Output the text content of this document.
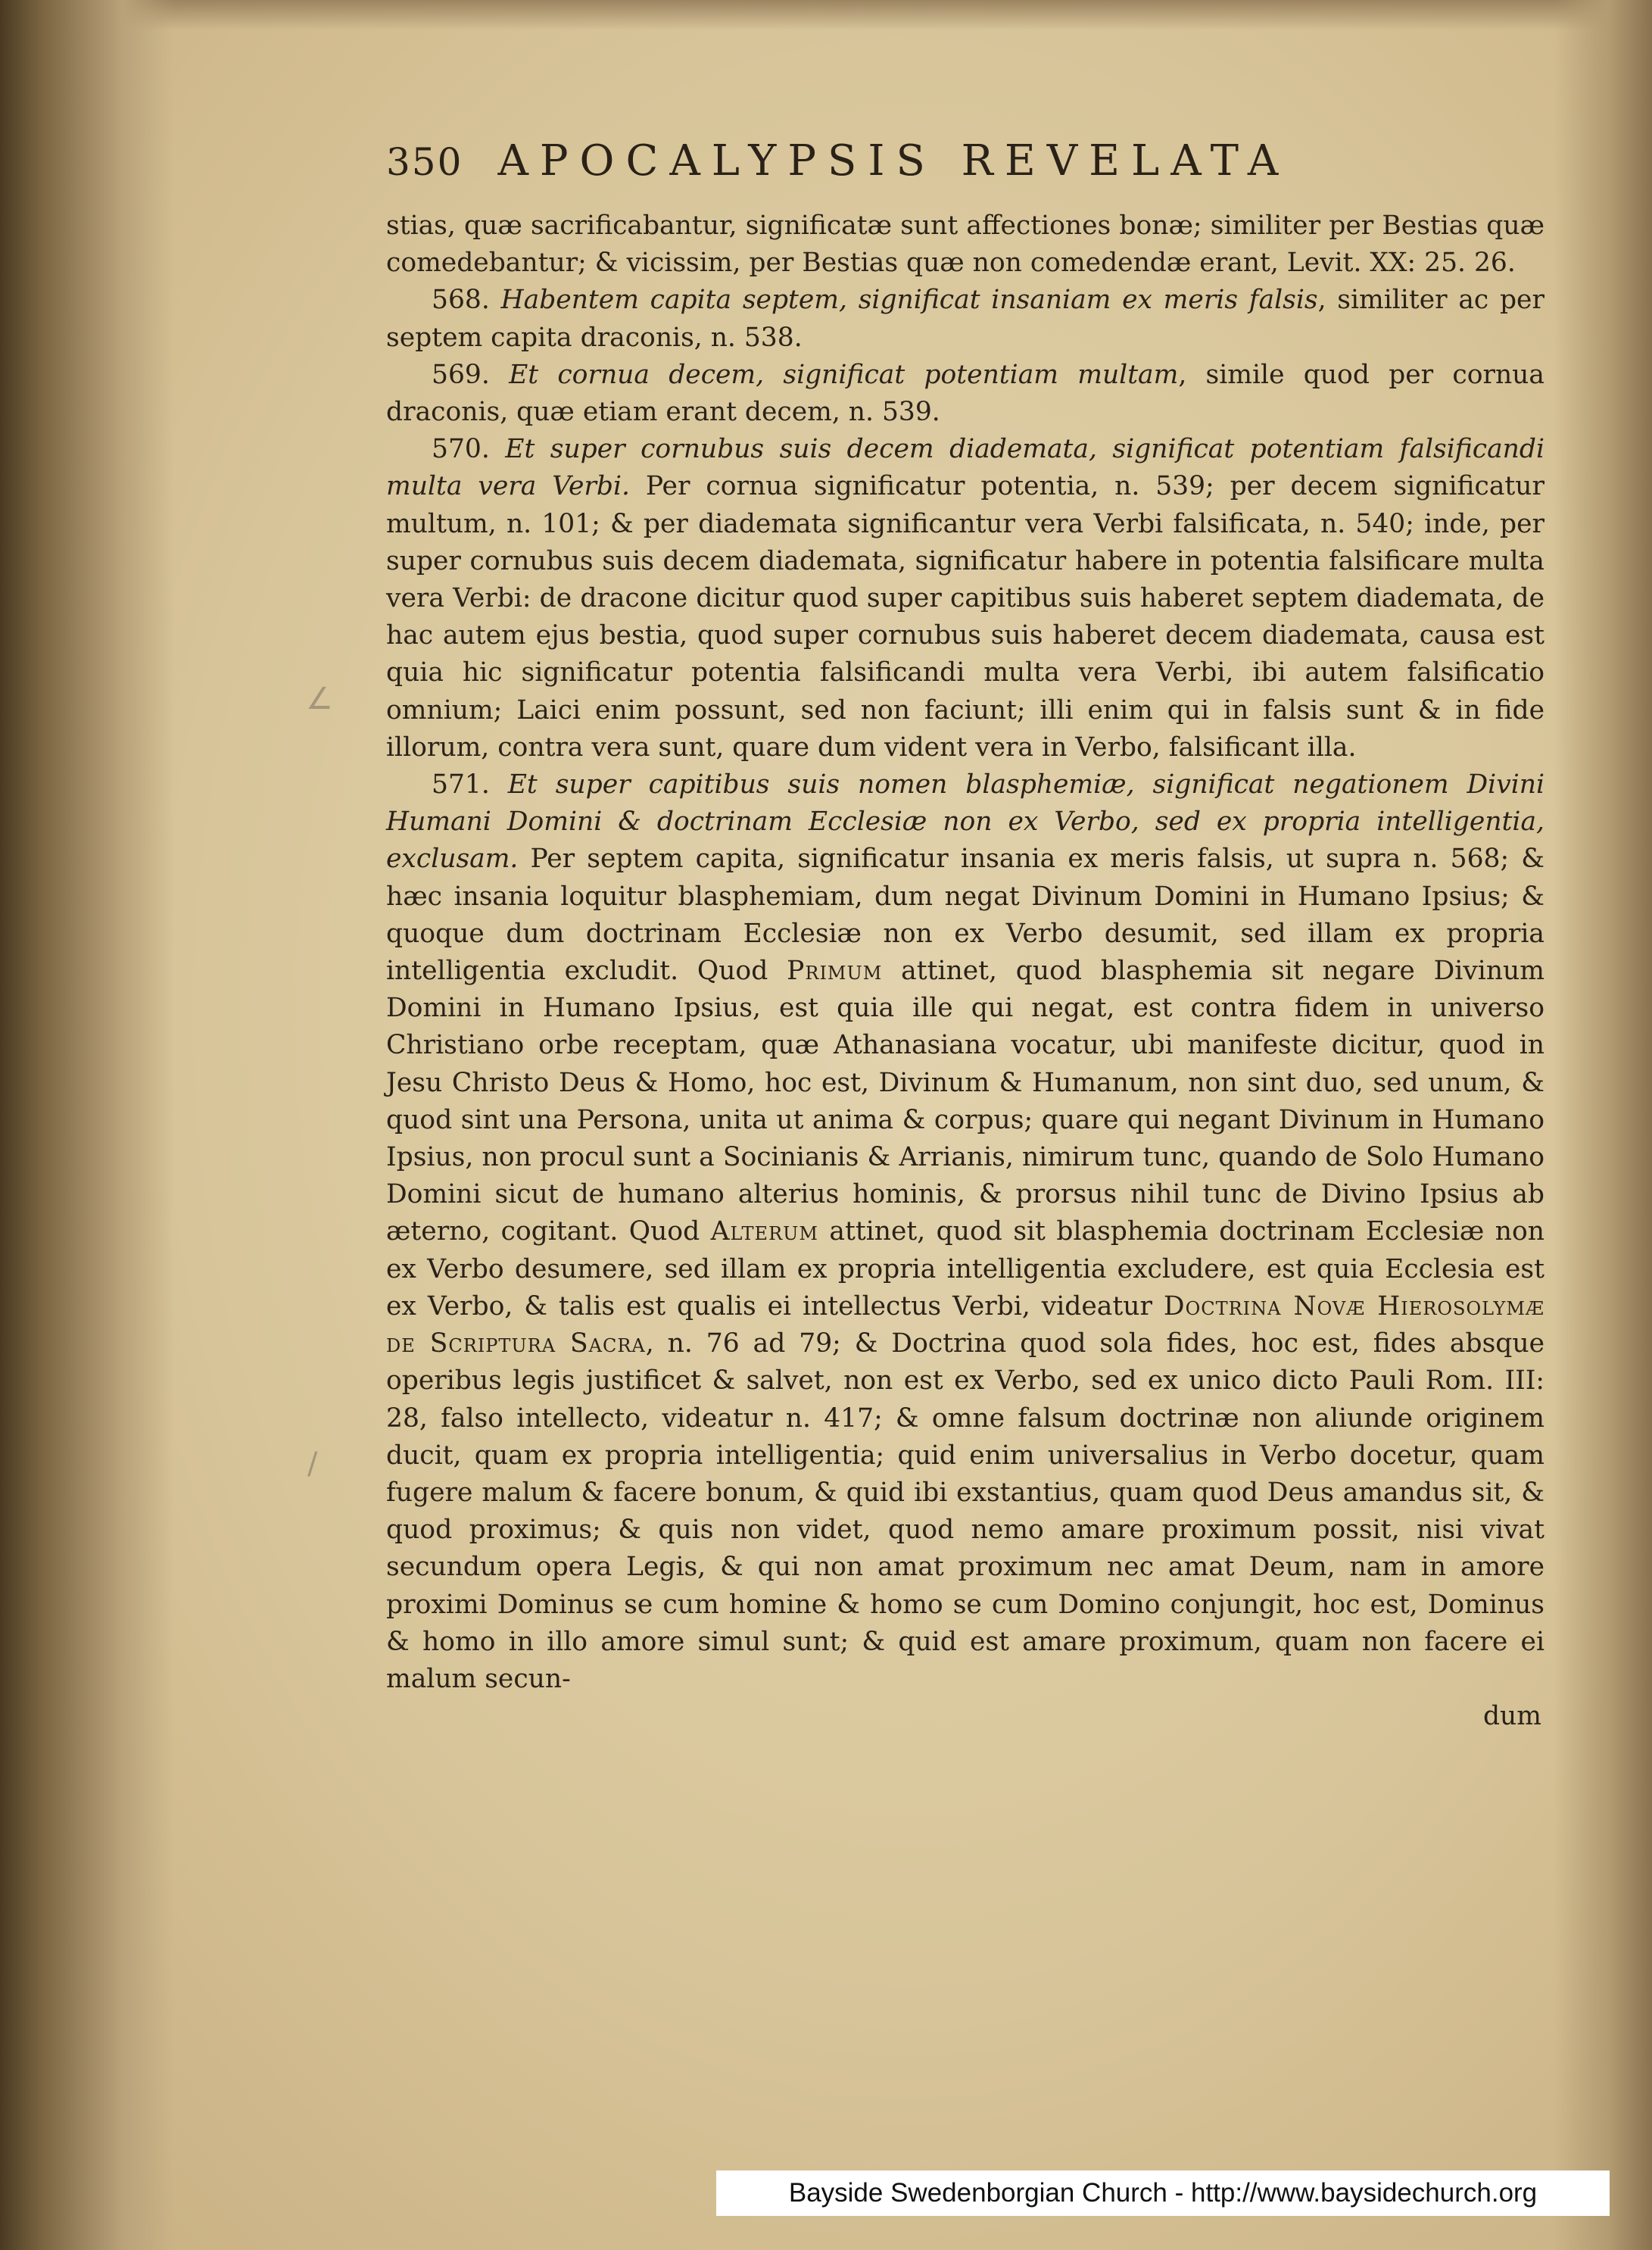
∠
/
350 APOCALYPSIS REVELATA

stias, quæ sacrificabantur, significatæ sunt affectiones bonæ; similiter per Bestias quæ comedebantur; & vicissim, per Bestias quæ non comedendæ erant, Levit. XX: 25. 26.

568. Habentem capita septem, significat insaniam ex meris falsis, similiter ac per septem capita draconis, n. 538.

569. Et cornua decem, significat potentiam multam, simile quod per cornua draconis, quæ etiam erant decem, n. 539.

570. Et super cornubus suis decem diademata, significat potentiam falsificandi multa vera Verbi. Per cornua significatur potentia, n. 539; per decem significatur multum, n. 101; & per diademata significantur vera Verbi falsificata, n. 540; inde, per super cornubus suis decem diademata, significatur habere in potentia falsificare multa vera Verbi: de dracone dicitur quod super capitibus suis haberet septem diademata, de hac autem ejus bestia, quod super cornubus suis haberet decem diademata, causa est quia hic significatur potentia falsificandi multa vera Verbi, ibi autem falsificatio omnium; Laici enim possunt, sed non faciunt; illi enim qui in falsis sunt & in fide illorum, contra vera sunt, quare dum vident vera in Verbo, falsificant illa.

571. Et super capitibus suis nomen blasphemiæ, significat negationem Divini Humani Domini & doctrinam Ecclesiæ non ex Verbo, sed ex propria intelligentia, exclusam. Per septem capita, significatur insania ex meris falsis, ut supra n. 568; & hæc insania loquitur blasphemiam, dum negat Divinum Domini in Humano Ipsius; & quoque dum doctrinam Ecclesiæ non ex Verbo desumit, sed illam ex propria intelligentia excludit. Quod Primum attinet, quod blasphemia sit negare Divinum Domini in Humano Ipsius, est quia ille qui negat, est contra fidem in universo Christiano orbe receptam, quæ Athanasiana vocatur, ubi manifeste dicitur, quod in Jesu Christo Deus & Homo, hoc est, Divinum & Humanum, non sint duo, sed unum, & quod sint una Persona, unita ut anima & corpus; quare qui negant Divinum in Humano Ipsius, non procul sunt a Socinianis & Arrianis, nimirum tunc, quando de Solo Humano Domini sicut de humano alterius hominis, & prorsus nihil tunc de Divino Ipsius ab æterno, cogitant. Quod Alterum attinet, quod sit blasphemia doctrinam Ecclesiæ non ex Verbo desumere, sed illam ex propria intelligentia excludere, est quia Ecclesia est ex Verbo, & talis est qualis ei intellectus Verbi, videatur Doctrina Novæ Hierosolymæ de Scriptura Sacra, n. 76 ad 79; & Doctrina quod sola fides, hoc est, fides absque operibus legis justificet & salvet, non est ex Verbo, sed ex unico dicto Pauli Rom. III: 28, falso intellecto, videatur n. 417; & omne falsum doctrinæ non aliunde originem ducit, quam ex propria intelligentia; quid enim universalius in Verbo docetur, quam fugere malum & facere bonum, & quid ibi exstantius, quam quod Deus amandus sit, & quod proximus; & quis non videt, quod nemo amare proximum possit, nisi vivat secundum opera Legis, & qui non amat proximum nec amat Deum, nam in amore proximi Dominus se cum homine & homo se cum Domino conjungit, hoc est, Dominus & homo in illo amore simul sunt; & quid est amare proximum, quam non facere ei malum secun-

dum
Bayside Swedenborgian Church - http://www.baysidechurch.org
